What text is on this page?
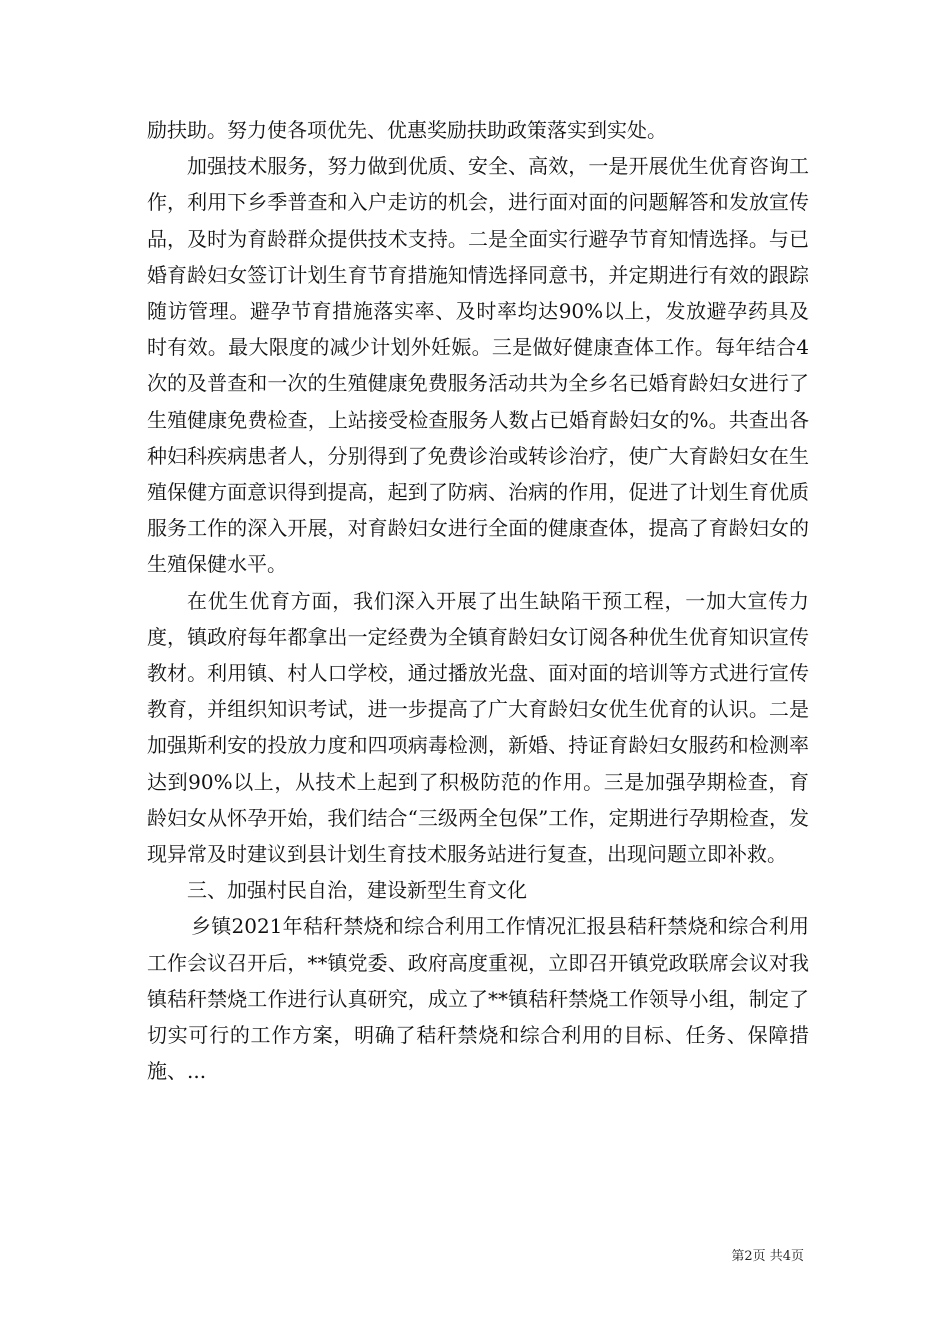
励扶助。努力使各项优先、优惠奖励扶助政策落实到实处。

加强技术服务，努力做到优质、安全、高效，一是开展优生优育咨询工作，利用下乡季普查和入户走访的机会，进行面对面的问题解答和发放宣传品，及时为育龄群众提供技术支持。二是全面实行避孕节育知情选择。与已婚育龄妇女签订计划生育节育措施知情选择同意书，并定期进行有效的跟踪随访管理。避孕节育措施落实率、及时率均达90%以上，发放避孕药具及时有效。最大限度的减少计划外妊娠。三是做好健康查体工作。每年结合4次的及普查和一次的生殖健康免费服务活动共为全乡名已婚育龄妇女进行了生殖健康免费检查，上站接受检查服务人数占已婚育龄妇女的%。共查出各种妇科疾病患者人，分别得到了免费诊治或转诊治疗，使广大育龄妇女在生殖保健方面意识得到提高，起到了防病、治病的作用，促进了计划生育优质服务工作的深入开展，对育龄妇女进行全面的健康查体，提高了育龄妇女的生殖保健水平。

在优生优育方面，我们深入开展了出生缺陷干预工程，一加大宣传力度，镇政府每年都拿出一定经费为全镇育龄妇女订阅各种优生优育知识宣传教材。利用镇、村人口学校，通过播放光盘、面对面的培训等方式进行宣传教育，并组织知识考试，进一步提高了广大育龄妇女优生优育的认识。二是加强斯利安的投放力度和四项病毒检测，新婚、持证育龄妇女服药和检测率达到90%以上，从技术上起到了积极防范的作用。三是加强孕期检查，育龄妇女从怀孕开始，我们结合“三级两全包保”工作，定期进行孕期检查，发现异常及时建议到县计划生育技术服务站进行复查，出现问题立即补救。

三、加强村民自治，建设新型生育文化

乡镇2021年秸秆禁烧和综合利用工作情况汇报县秸秆禁烧和综合利用工作会议召开后，**镇党委、政府高度重视，立即召开镇党政联席会议对我镇秸秆禁烧工作进行认真研究，成立了**镇秸秆禁烧工作领导小组，制定了切实可行的工作方案，明确了秸秆禁烧和综合利用的目标、任务、保障措施、...

第2页 共4页
